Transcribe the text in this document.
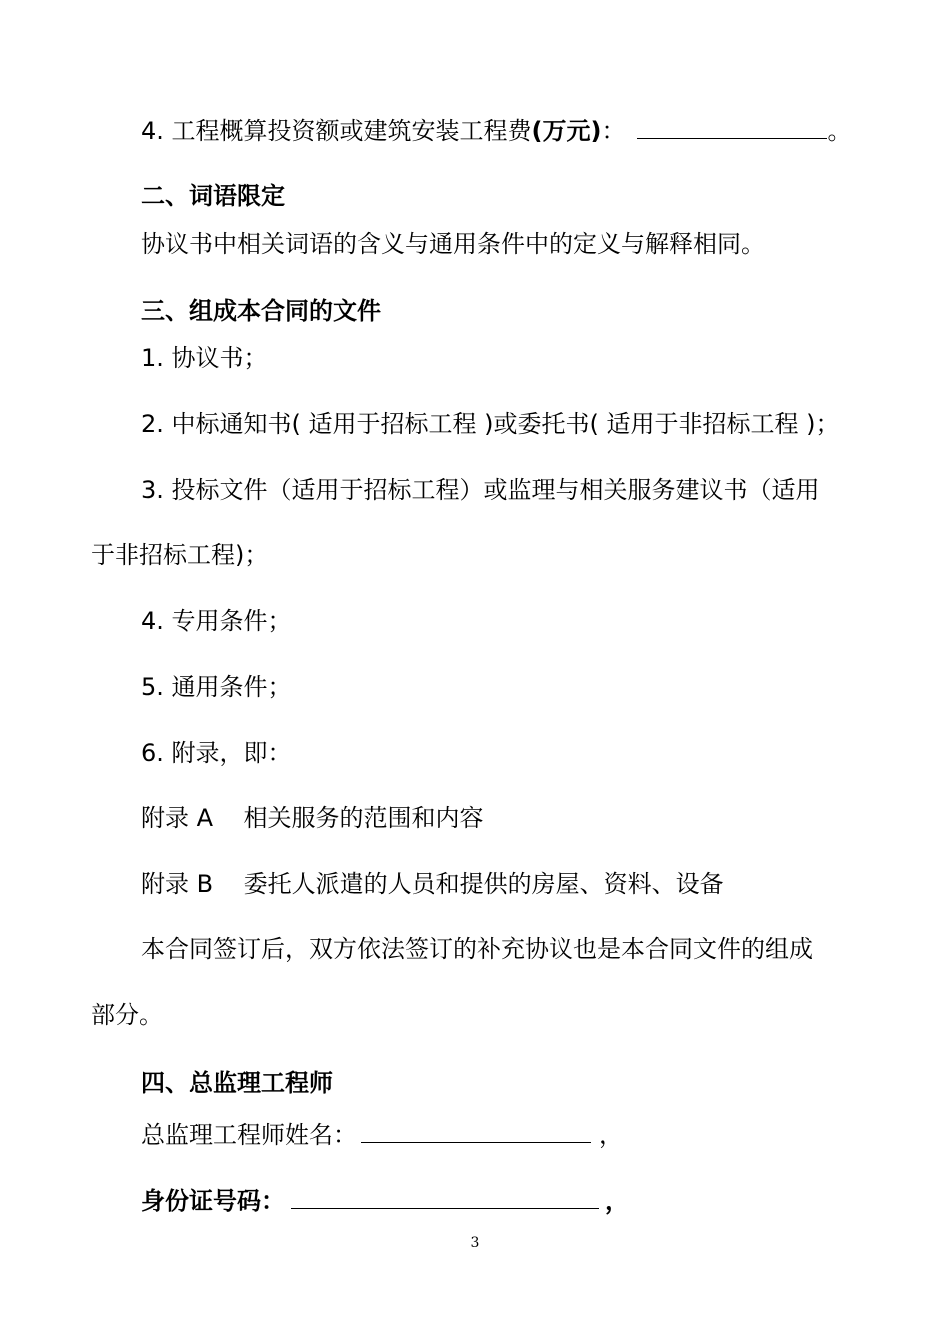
4. 工程概算投资额或建筑安装工程费(万元)：	。
二、词语限定
协议书中相关词语的含义与通用条件中的定义与解释相同。
三、组成本合同的文件
1. 协议书；
2. 中标通知书( 适用于招标工程 )或委托书( 适用于非招标工程 )；
3. 投标文件（适用于招标工程）或监理与相关服务建议书（适用
于非招标工程)；
4. 专用条件；
5. 通用条件；
6. 附录，即：
附录 A    相关服务的范围和内容
附录 B    委托人派遣的人员和提供的房屋、资料、设备
本合同签订后，双方依法签订的补充协议也是本合同文件的组成
部分。
四、总监理工程师
总监理工程师姓名：	，
身份证号码：	，
3
